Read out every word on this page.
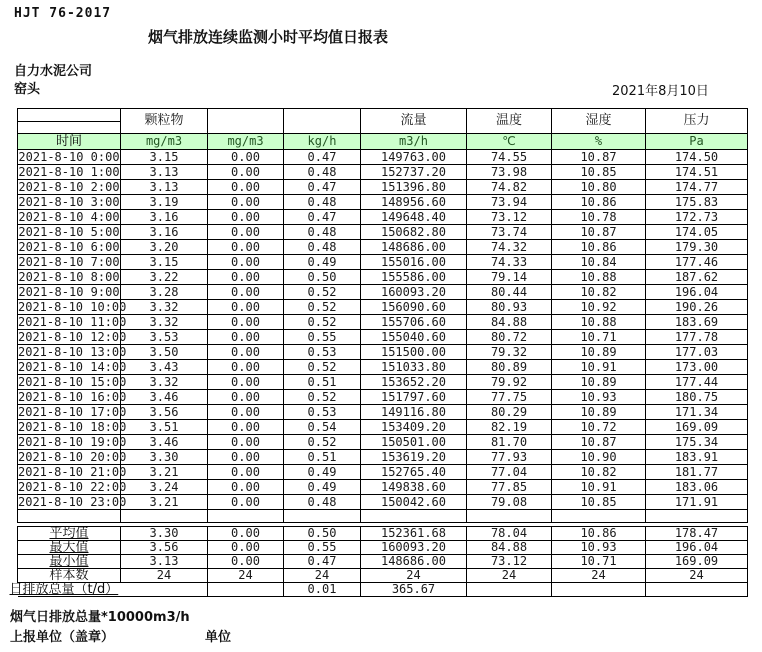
HJT 76-2017
烟气排放连续监测小时平均值日报表
自力水泥公司
窑头	2021年8月10日
	颗粒物			流量	温度	湿度	压力

时间	mg/m3	mg/m3	kg/h	m3/h	℃	%	Pa
2021-8-10 0:00	3.15	0.00	0.47	149763.00	74.55	10.87	174.50
2021-8-10 1:00	3.13	0.00	0.48	152737.20	73.98	10.85	174.51
2021-8-10 2:00	3.13	0.00	0.47	151396.80	74.82	10.80	174.77
2021-8-10 3:00	3.19	0.00	0.48	148956.60	73.94	10.86	175.83
2021-8-10 4:00	3.16	0.00	0.47	149648.40	73.12	10.78	172.73
2021-8-10 5:00	3.16	0.00	0.48	150682.80	73.74	10.87	174.05
2021-8-10 6:00	3.20	0.00	0.48	148686.00	74.32	10.86	179.30
2021-8-10 7:00	3.15	0.00	0.49	155016.00	74.33	10.84	177.46
2021-8-10 8:00	3.22	0.00	0.50	155586.00	79.14	10.88	187.62
2021-8-10 9:00	3.28	0.00	0.52	160093.20	80.44	10.82	196.04
2021-8-10 10:00	3.32	0.00	0.52	156090.60	80.93	10.92	190.26
2021-8-10 11:00	3.32	0.00	0.52	155706.60	84.88	10.88	183.69
2021-8-10 12:00	3.53	0.00	0.55	155040.60	80.72	10.71	177.78
2021-8-10 13:00	3.50	0.00	0.53	151500.00	79.32	10.89	177.03
2021-8-10 14:00	3.43	0.00	0.52	151033.80	80.89	10.91	173.00
2021-8-10 15:00	3.32	0.00	0.51	153652.20	79.92	10.89	177.44
2021-8-10 16:00	3.46	0.00	0.52	151797.60	77.75	10.93	180.75
2021-8-10 17:00	3.56	0.00	0.53	149116.80	80.29	10.89	171.34
2021-8-10 18:00	3.51	0.00	0.54	153409.20	82.19	10.72	169.09
2021-8-10 19:00	3.46	0.00	0.52	150501.00	81.70	10.87	175.34
2021-8-10 20:00	3.30	0.00	0.51	153619.20	77.93	10.90	183.91
2021-8-10 21:00	3.21	0.00	0.49	152765.40	77.04	10.82	181.77
2021-8-10 22:00	3.24	0.00	0.49	149838.60	77.85	10.91	183.06
2021-8-10 23:00	3.21	0.00	0.48	150042.60	79.08	10.85	171.91

平均值	3.30	0.00	0.50	152361.68	78.04	10.86	178.47
最大值	3.56	0.00	0.55	160093.20	84.88	10.93	196.04
最小值	3.13	0.00	0.47	148686.00	73.12	10.71	169.09
样本数	24	24	24	24	24	24	24
日排放总量（t/d）			0.01	365.67			
烟气日排放总量*10000m3/h
上报单位（盖章）	单位
